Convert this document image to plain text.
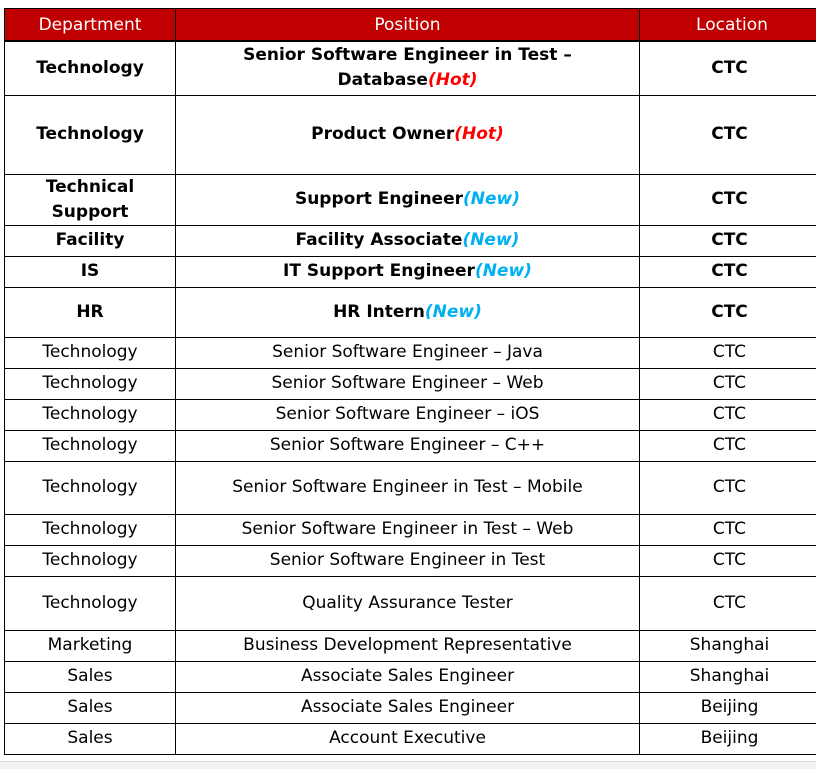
Department	Position	Location
Technology	Senior Software Engineer in Test – Database(Hot)	CTC
Technology	Product Owner(Hot)	CTC
Technical Support	Support Engineer(New)	CTC
Facility	Facility Associate(New)	CTC
IS	IT Support Engineer(New)	CTC
HR	HR Intern(New)	CTC
Technology	Senior Software Engineer – Java	CTC
Technology	Senior Software Engineer – Web	CTC
Technology	Senior Software Engineer – iOS	CTC
Technology	Senior Software Engineer – C++	CTC
Technology	Senior Software Engineer in Test – Mobile	CTC
Technology	Senior Software Engineer in Test – Web	CTC
Technology	Senior Software Engineer in Test	CTC
Technology	Quality Assurance Tester	CTC
Marketing	Business Development Representative	Shanghai
Sales	Associate Sales Engineer	Shanghai
Sales	Associate Sales Engineer	Beijing
Sales	Account Executive	Beijing
